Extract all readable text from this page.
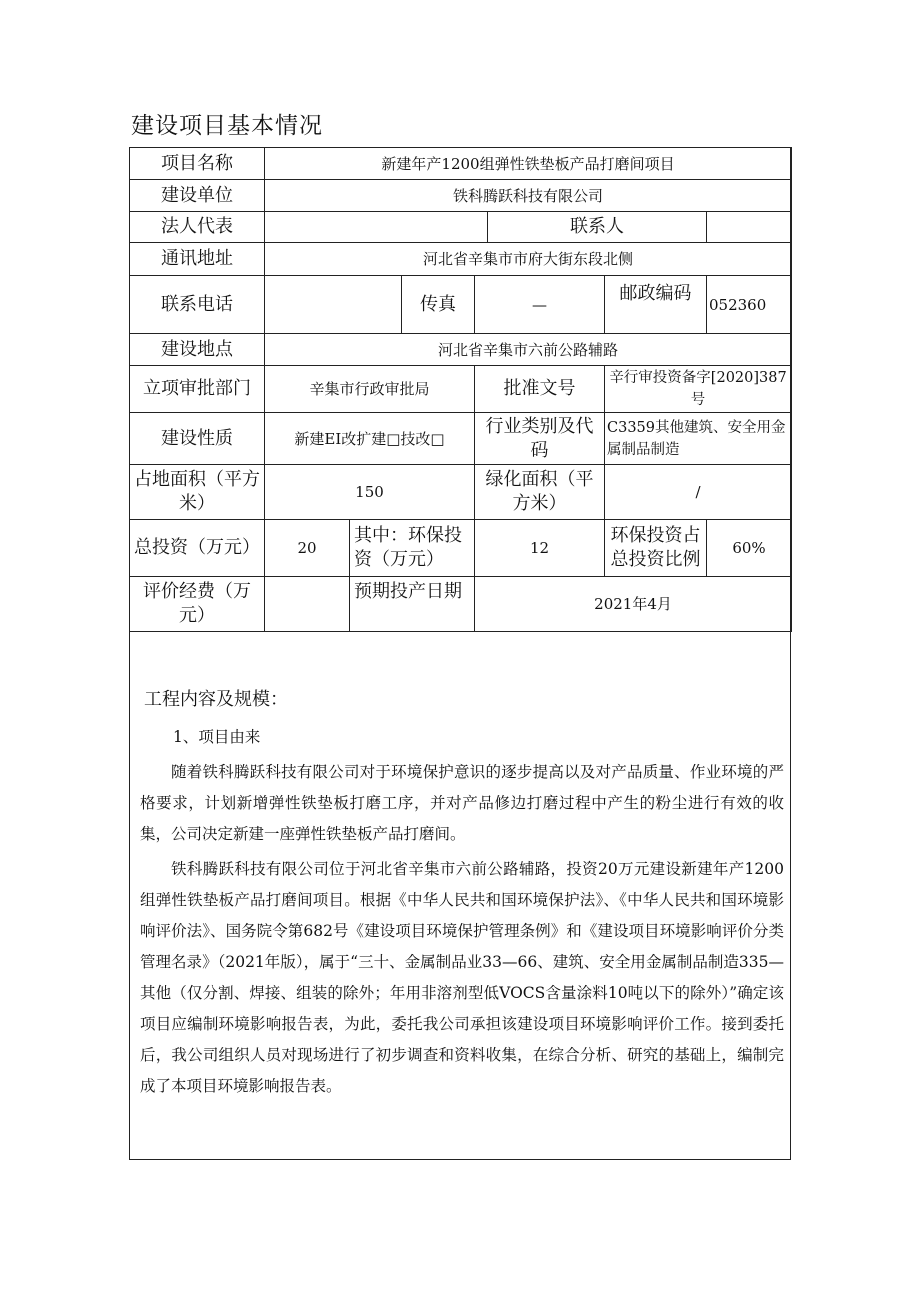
建设项目基本情况
项目名称	新建年产1200组弹性铁垫板产品打磨间项目						
建设单位	铁科腾跃科技有限公司						
法人代表					联系人		
通讯地址	河北省辛集市市府大街东段北侧						
联系电话			传真	—		邮政编码	052360
建设地点	河北省辛集市六前公路辅路						
立项审批部门	辛集市行政审批局			批准文号		辛行审投资备字[2020]387号	
建设性质	新建EI改扩建□技改□			行业类别及代码		C3359其他建筑、安全用金属制品制造	
占地面积（平方米）	150			绿化面积（平方米）		/	
总投资（万元）	20	其中：环保投资（万元）		12		环保投资占总投资比例	60%
评价经费（万元）		预期投产日期		2021年4月			
工程内容及规模：
1、项目由来

随着铁科腾跃科技有限公司对于环境保护意识的逐步提高以及对产品质量、作业环境的严格要求，计划新增弹性铁垫板打磨工序，并对产品修边打磨过程中产生的粉尘进行有效的收集，公司决定新建一座弹性铁垫板产品打磨间。

铁科腾跃科技有限公司位于河北省辛集市六前公路辅路，投资20万元建设新建年产1200组弹性铁垫板产品打磨间项目。根据《中华人民共和国环境保护法》、《中华人民共和国环境影响评价法》、国务院令第682号《建设项目环境保护管理条例》和《建设项目环境影响评价分类管理名录》（2021年版），属于“三十、金属制品业33—66、建筑、安全用金属制品制造335—其他（仅分割、焊接、组装的除外；年用非溶剂型低VOCS含量涂料10吨以下的除外）”确定该项目应编制环境影响报告表，为此，委托我公司承担该建设项目环境影响评价工作。接到委托后，我公司组织人员对现场进行了初步调查和资料收集，在综合分析、研究的基础上，编制完成了本项目环境影响报告表。
